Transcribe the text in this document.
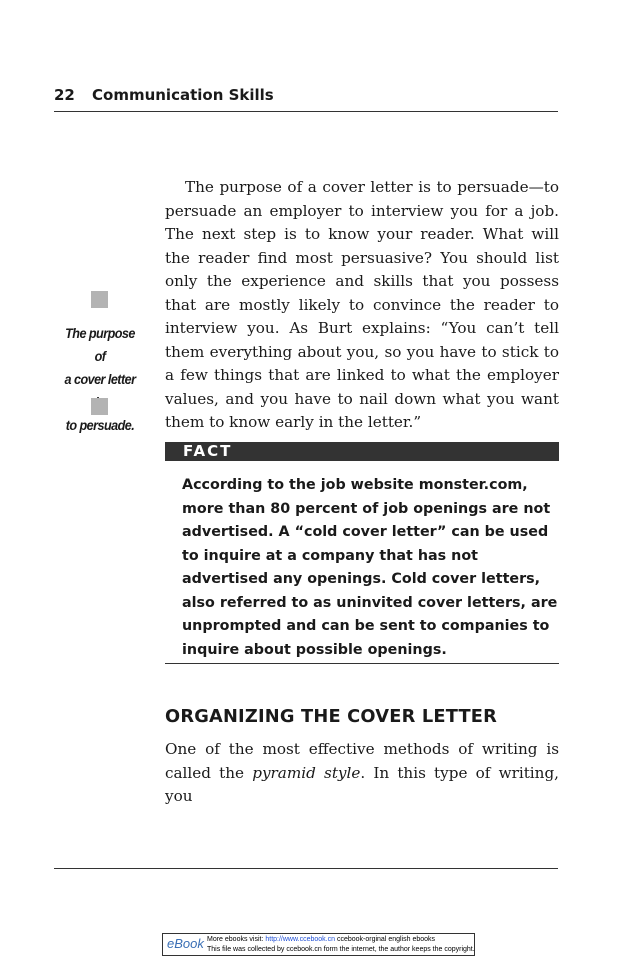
22 Communication Skills

The purpose of a cover letter is to persuade—to persuade an employer to interview you for a job. The next step is to know your reader. What will the reader find most persuasive? You should list only the experience and skills that you possess that are mostly likely to convince the reader to interview you. As Burt explains: “You can’t tell them everything about you, so you have to stick to a few things that are linked to what the employer values, and you have to nail down what you want them to know early in the letter.”

The purpose of
a cover letter
to persuade.

FACT

According to the job website monster.com, more than 80 percent of job openings are not advertised. A “cold cover letter” can be used to inquire at a company that has not advertised any openings. Cold cover letters, also referred to as uninvited cover letters, are unprompted and can be sent to companies to inquire about possible openings.

ORGANIZING THE COVER LETTER

One of the most effective methods of writing is called the pyramid style. In this type of writing, you

eBook More ebooks visit: http://www.ccebook.cn ccebook-orginal english ebooks
This file was collected by ccebook.cn form the internet, the author keeps the copyright.
